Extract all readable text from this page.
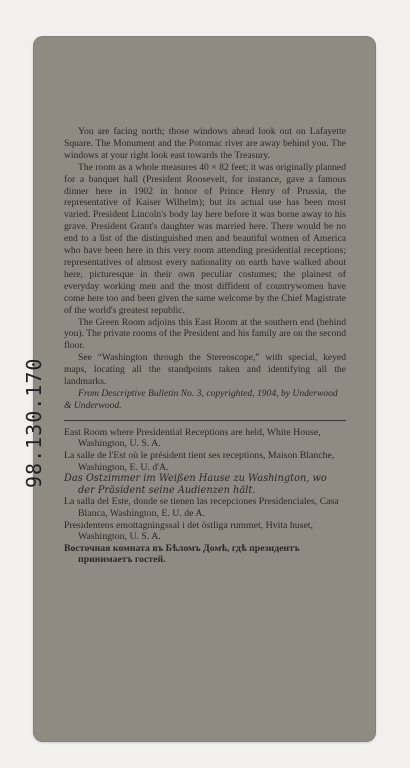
98.130.170

You are facing north; those windows ahead look out on Lafayette Square. The Monument and the Potomac river are away behind you. The windows at your right look east towards the Treasury.

The room as a whole measures 40 × 82 feet; it was originally planned for a banquet hall (President Roosevelt, for instance, gave a famous dinner here in 1902 in honor of Prince Henry of Prussia, the representative of Kaiser Wilhelm); but its actual use has been most varied. President Lincoln's body lay here before it was borne away to his grave. President Grant's daughter was married here. There would be no end to a list of the distinguished men and beautiful women of America who have been here in this very room attending presidential receptions; representatives of almost every nationality on earth have walked about here, picturesque in their own peculiar costumes; the plainest of everyday working men and the most diffident of countrywomen have come here too and been given the same welcome by the Chief Magistrate of the world's greatest republic.

The Green Room adjoins this East Room at the southern end (behind you). The private rooms of the President and his family are on the second floor.

See “Washington through the Stereoscope,” with special, keyed maps, locating all the standpoints taken and identifying all the landmarks.

From Descriptive Bulletin No. 3, copyrighted, 1904, by Underwood & Underwood.

East Room where Presidential Receptions are held, White House, Washington, U. S. A.

La salle de l'Est où le président tient ses receptions, Maison Blanche, Washington, E. U. d'A.

Das Ostzimmer im Weißen Hause zu Washington, wo der Präsident seine Audienzen hält.

La salla del Este, donde se tienen las recepciones Presidenciales, Casa Blanca, Washington, E. U. de A.

Presidentens emottagningssal i det östliga rummet, Hvita huset, Washington, U. S. A.

Восточная комната въ Бѣломъ Домѣ, гдѣ президентъ принимаетъ гостей.
